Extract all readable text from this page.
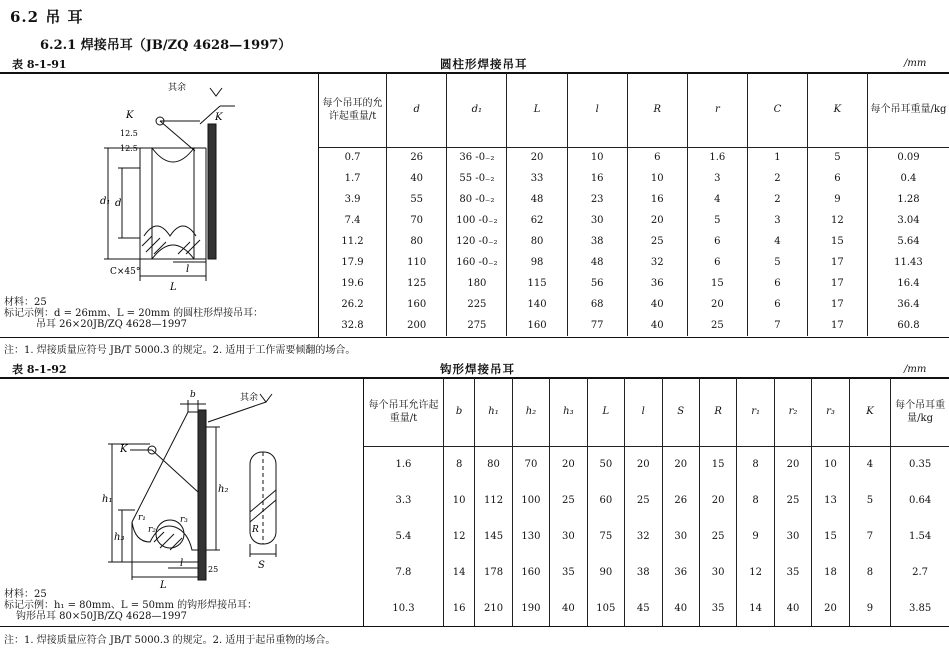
6.2 吊 耳
6.2.1 焊接吊耳（JB/ZQ 4628—1997）
表 8-1-91	圆柱形焊接吊耳	/mm
其余
K
K
12.5
12.5
d₁ d
C×45°
L
l
材料：25
标记示例：d = 26mm、L = 20mm 的圆柱形焊接吊耳：
吊耳 26×20JB/ZQ 4628—1997
每个吊耳的允许起重量/t	d	d₁	L	l	R	r	C	K	每个吊耳重量/kg
0.7	26	36 -0₋₂	20	10	6	1.6	1	5	0.09
1.7	40	55 -0₋₂	33	16	10	3	2	6	0.4
3.9	55	80 -0₋₂	48	23	16	4	2	9	1.28
7.4	70	100 -0₋₂	62	30	20	5	3	12	3.04
11.2	80	120 -0₋₂	80	38	25	6	4	15	5.64
17.9	110	160 -0₋₂	98	48	32	6	5	17	11.43
19.6	125	180	115	56	36	15	6	17	16.4
26.2	160	225	140	68	40	20	6	17	36.4
32.8	200	275	160	77	40	25	7	17	60.8
注：1. 焊接质量应符号 JB/T 5000.3 的规定。2. 适用于工作需要倾翻的场合。
表 8-1-92	钩形焊接吊耳	/mm
其余
K
b
h₁
h₃
h₂
L
l	S
r₁
r₂
r₃
R
25
材料：25
标记示例：h₁ = 80mm、L = 50mm 的钩形焊接吊耳：
钩形吊耳 80×50JB/ZQ 4628—1997
每个吊耳允许起重量/t	b	h₁	h₂	h₃	L	l	S	R	r₁	r₂	r₃	K	每个吊耳重量/kg
1.6	8	80	70	20	50	20	20	15	8	20	10	4	0.35
3.3	10	112	100	25	60	25	26	20	8	25	13	5	0.64
5.4	12	145	130	30	75	32	30	25	9	30	15	7	1.54
7.8	14	178	160	35	90	38	36	30	12	35	18	8	2.7
10.3	16	210	190	40	105	45	40	35	14	40	20	9	3.85
注：1. 焊接质量应符合 JB/T 5000.3 的规定。2. 适用于起吊重物的场合。
